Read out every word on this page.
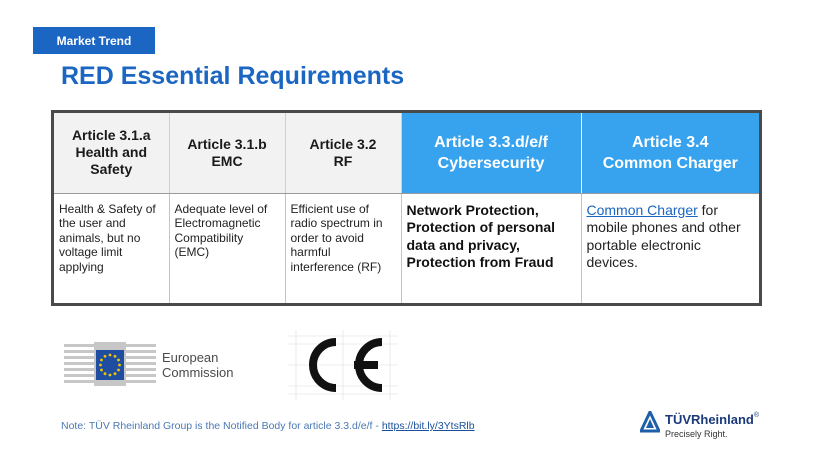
Market Trend
RED Essential Requirements
Article 3.1.a
Health and
Safety	Article 3.1.b
EMC	Article 3.2
RF	Article 3.3.d/e/f
Cybersecurity	Article 3.4
Common Charger
Health & Safety of
the user and
animals, but no
voltage limit
applying	Adequate level of
Electromagnetic
Compatibility
(EMC)	Efficient use of
radio spectrum in
order to avoid
harmful
interference (RF)	Network Protection,
Protection of personal
data and privacy,
Protection from Fraud	Common Charger for
mobile phones and other
portable electronic
devices.
European
Commission
Note: TÜV Rheinland Group is the Notified Body for article 3.3.d/e/f - https://bit.ly/3YtsRlb	TÜVRheinland®
Precisely Right.
